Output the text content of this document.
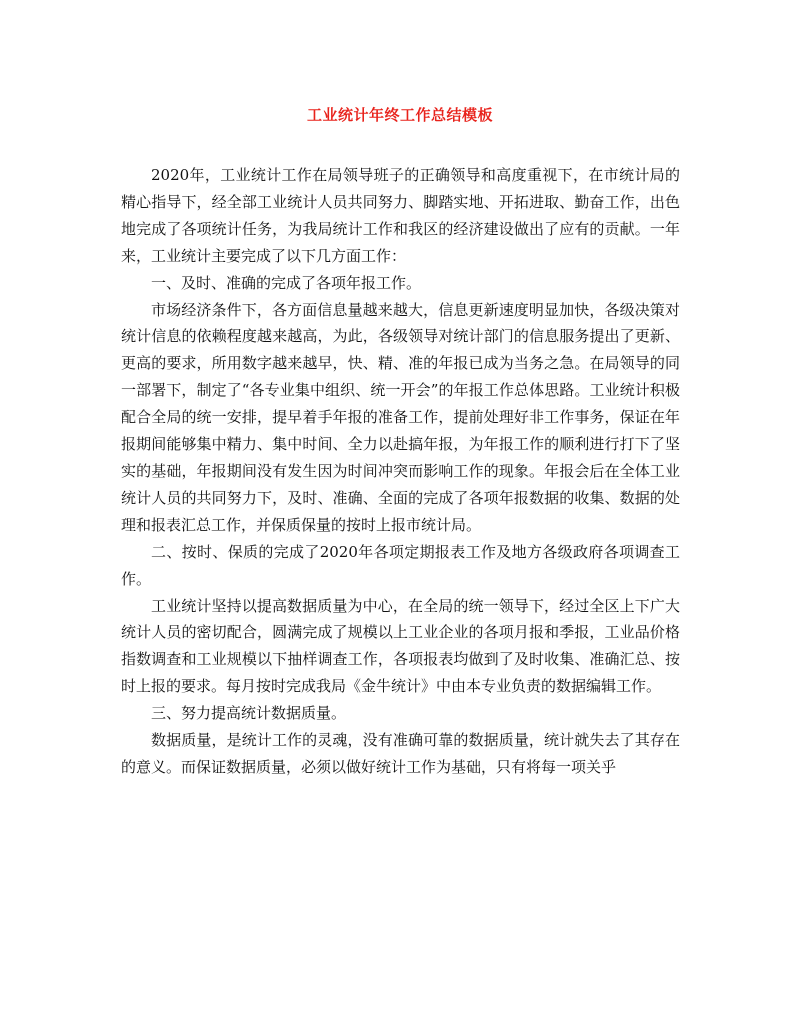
工业统计年终工作总结模板

2020年，工业统计工作在局领导班子的正确领导和高度重视下，在市统计局的精心指导下，经全部工业统计人员共同努力、脚踏实地、开拓进取、勤奋工作，出色地完成了各项统计任务，为我局统计工作和我区的经济建设做出了应有的贡献。一年来，工业统计主要完成了以下几方面工作：

一、及时、准确的完成了各项年报工作。

市场经济条件下，各方面信息量越来越大，信息更新速度明显加快，各级决策对统计信息的依赖程度越来越高，为此，各级领导对统计部门的信息服务提出了更新、更高的要求，所用数字越来越早，快、精、准的年报已成为当务之急。在局领导的同一部署下，制定了“各专业集中组织、统一开会”的年报工作总体思路。工业统计积极配合全局的统一安排，提早着手年报的准备工作，提前处理好非工作事务，保证在年报期间能够集中精力、集中时间、全力以赴搞年报，为年报工作的顺利进行打下了坚实的基础，年报期间没有发生因为时间冲突而影响工作的现象。年报会后在全体工业统计人员的共同努力下，及时、准确、全面的完成了各项年报数据的收集、数据的处理和报表汇总工作，并保质保量的按时上报市统计局。

二、按时、保质的完成了2020年各项定期报表工作及地方各级政府各项调查工作。

工业统计坚持以提高数据质量为中心，在全局的统一领导下，经过全区上下广大统计人员的密切配合，圆满完成了规模以上工业企业的各项月报和季报，工业品价格指数调查和工业规模以下抽样调查工作，各项报表均做到了及时收集、准确汇总、按时上报的要求。每月按时完成我局《金牛统计》中由本专业负责的数据编辑工作。

三、努力提高统计数据质量。

数据质量，是统计工作的灵魂，没有准确可靠的数据质量，统计就失去了其存在的意义。而保证数据质量，必须以做好统计工作为基础，只有将每一项关乎
